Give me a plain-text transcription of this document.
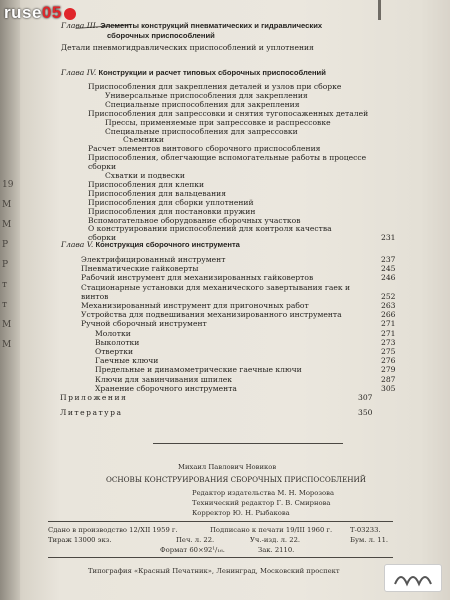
19
М
М
Р
Р
т
т
М
М
ruse05
Глава III. Элементы конструкций пневматических и гидравлических
сборочных приспособлений
Детали пневмогидравлических приспособлений и уплотнения
Глава IV. Конструкции и расчет типовых сборочных приспособлений
Приспособления для закрепления деталей и узлов при сборке
Универсальные приспособления для закрепления
Специальные приспособления для закрепления
Приспособления для запрессовки и снятия тугопосаженных деталей
Прессы, применяемые при запрессовке и распрессовке
Специальные приспособления для запрессовки
Съемники
Расчет элементов винтового сборочного приспособления
Приспособления, облегчающие вспомогательные работы в процессе
сборки
Схватки и подвески
Приспособления для клепки
Приспособления для вальцевания
Приспособления для сборки уплотнений
Приспособления для постановки пружин
Вспомогательное оборудование сборочных участков
О конструировании приспособлений для контроля качества
сборки	231
Глава V. Конструкция сборочного инструмента
Электрифицированный инструмент	237
Пневматические гайковерты	245
Рабочий инструмент для механизированных гайковертов	246
Стационарные установки для механического завертывания гаек и
винтов	252
Механизированный инструмент для пригоночных работ	263
Устройства для подвешивания механизированного инструмента	266
Ручной сборочный инструмент	271
Молотки	271
Выколотки	273
Отвертки	275
Гаечные ключи	276
Предельные и динамометрические гаечные ключи	279
Ключи для завинчивания шпилек	287
Хранение сборочного инструмента	305
Приложения	307
Литература	350
Михаил Павлович Новиков
ОСНОВЫ КОНСТРУИРОВАНИЯ СБОРОЧНЫХ ПРИСПОСОБЛЕНИЙ
Редактор издательства М. Н. Морозова
Технический редактор Г. В. Смирнова
Корректор Ю. Н. Рыбакова
Сдано в производство 12/XII 1959 г.	Подписано к печати 19/III 1960 г.	Т-03233.
Тираж 13000 экз.	Печ. л. 22.	Уч.-изд. л. 22.	Бум. л. 11.
Формат 60×92¹/₁₆.	Зак. 2110.
Типография «Красный Печатник», Ленинград, Московский проспект
